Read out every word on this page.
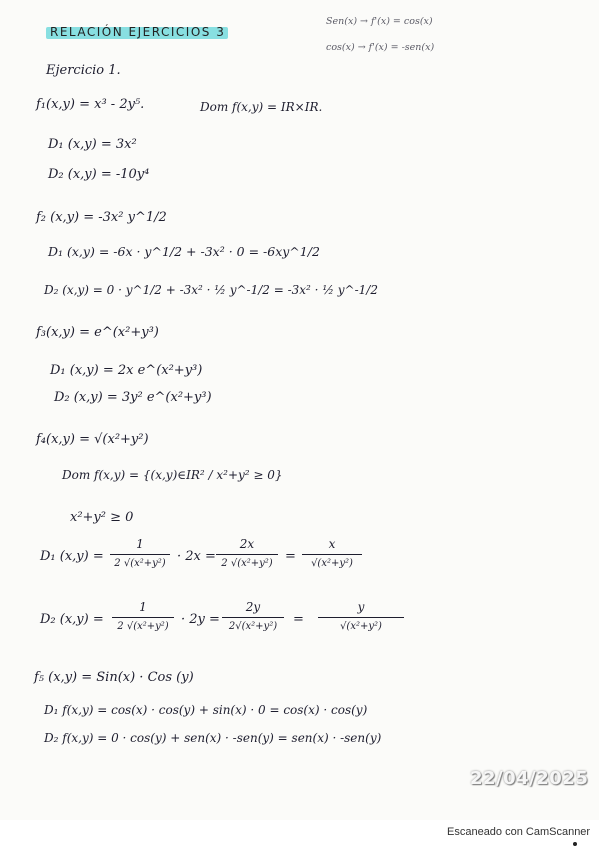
RELACIÓN EJERCICIOS 3
Sen(x) → f'(x) = cos(x)
cos(x) → f'(x) = -sen(x)
Ejercicio 1.
f₁(x,y) = x³ - 2y⁵.	Dom f(x,y) = IR×IR.
D₁ (x,y) = 3x²
D₂ (x,y) = -10y⁴
f₂ (x,y) = -3x² y^1/2
D₁ (x,y) = -6x · y^1/2 + -3x² · 0 = -6xy^1/2
D₂ (x,y) = 0 · y^1/2 + -3x² · ½ y^-1/2 = -3x² · ½ y^-1/2
f₃(x,y) = e^(x²+y³)
D₁ (x,y) = 2x e^(x²+y³)
D₂ (x,y) = 3y² e^(x²+y³)
f₄(x,y) = √(x²+y²)
Dom f(x,y) = {(x,y)∈IR² / x²+y² ≥ 0}
x²+y² ≥ 0
D₁ (x,y) =
1
2 √(x²+y²) · 2x =
2x
2 √(x²+y²) =
x
√(x²+y²)
D₂ (x,y) =
1
2 √(x²+y²) · 2y =
2y
2√(x²+y²)	=
y
√(x²+y²)
f₅ (x,y) = Sin(x) · Cos (y)
D₁ f(x,y) = cos(x) · cos(y) + sin(x) · 0 = cos(x) · cos(y)
D₂ f(x,y) = 0 · cos(y) + sen(x) · -sen(y) = sen(x) · -sen(y)
22/04/2025
Escaneado con CamScanner
